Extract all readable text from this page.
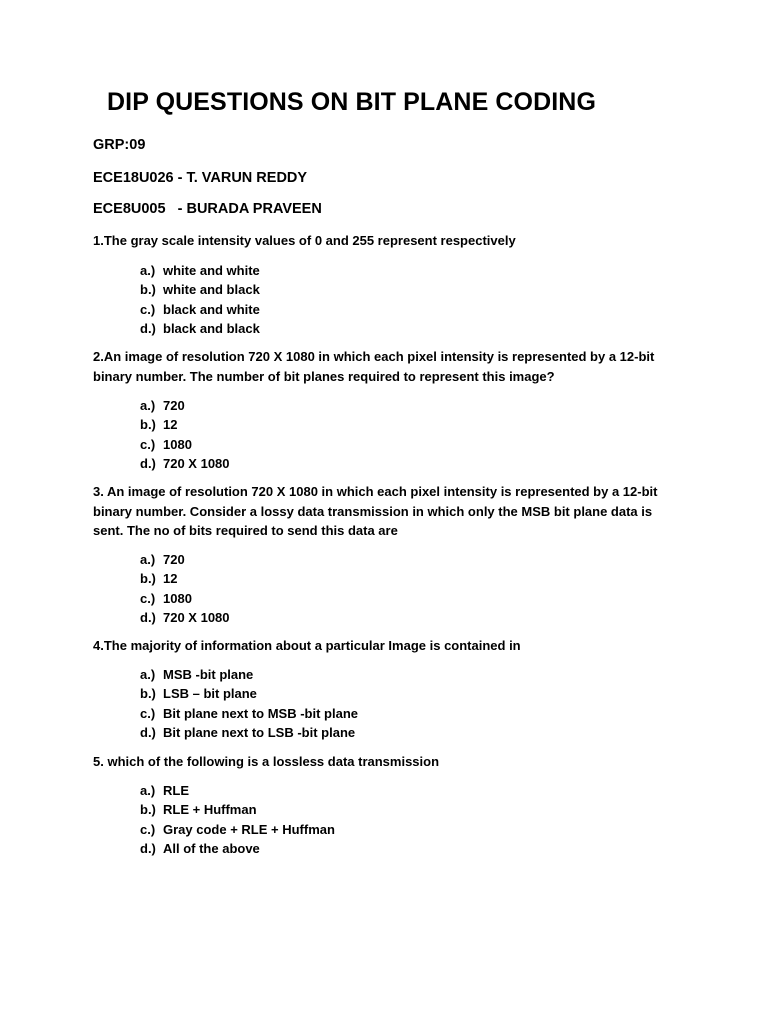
DIP QUESTIONS ON BIT PLANE CODING
GRP:09
ECE18U026 - T. VARUN REDDY
ECE8U005   - BURADA PRAVEEN
1.The gray scale intensity values of 0 and 255 represent respectively
a.) white and white
b.) white and black
c.) black and white
d.) black and black
2.An image of resolution 720 X 1080 in which each pixel intensity is represented by a 12-bit binary number. The number of bit planes required to represent this image?
a.) 720
b.) 12
c.) 1080
d.) 720 X 1080
3. An image of resolution 720 X 1080 in which each pixel intensity is represented by a 12-bit binary number. Consider a lossy data transmission in which only the MSB bit plane data is sent. The no of bits required to send this data are
a.) 720
b.) 12
c.) 1080
d.) 720 X 1080
4.The majority of information about a particular Image is contained in
a.) MSB -bit plane
b.) LSB – bit plane
c.) Bit plane next to MSB -bit plane
d.) Bit plane next to LSB -bit plane
5. which of the following is a lossless data transmission
a.) RLE
b.) RLE + Huffman
c.) Gray code + RLE + Huffman
d.) All of the above
